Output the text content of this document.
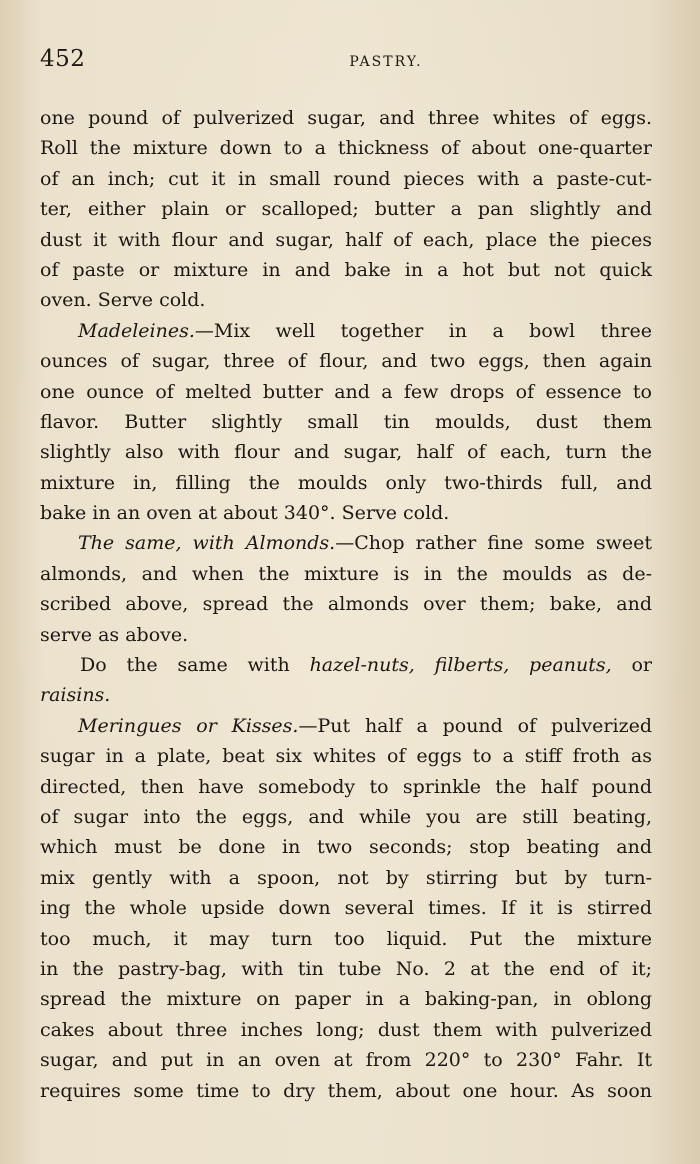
452	PASTRY.
one pound of pulverized sugar, and three whites of eggs.
Roll the mixture down to a thickness of about one-quarter
of an inch; cut it in small round pieces with a paste-cut-
ter, either plain or scalloped; butter a pan slightly and
dust it with flour and sugar, half of each, place the pieces
of paste or mixture in and bake in a hot but not quick
oven. Serve cold.
Madeleines.—Mix well together in a bowl three
ounces of sugar, three of flour, and two eggs, then again
one ounce of melted butter and a few drops of essence to
flavor. Butter slightly small tin moulds, dust them
slightly also with flour and sugar, half of each, turn the
mixture in, filling the moulds only two-thirds full, and
bake in an oven at about 340°. Serve cold.
The same, with Almonds.—Chop rather fine some sweet
almonds, and when the mixture is in the moulds as de-
scribed above, spread the almonds over them; bake, and
serve as above.
Do the same with hazel-nuts, filberts, peanuts, or
raisins.
Meringues or Kisses.—Put half a pound of pulverized
sugar in a plate, beat six whites of eggs to a stiff froth as
directed, then have somebody to sprinkle the half pound
of sugar into the eggs, and while you are still beating,
which must be done in two seconds; stop beating and
mix gently with a spoon, not by stirring but by turn-
ing the whole upside down several times. If it is stirred
too much, it may turn too liquid. Put the mixture
in the pastry-bag, with tin tube No. 2 at the end of it;
spread the mixture on paper in a baking-pan, in oblong
cakes about three inches long; dust them with pulverized
sugar, and put in an oven at from 220° to 230° Fahr. It
requires some time to dry them, about one hour. As soon
